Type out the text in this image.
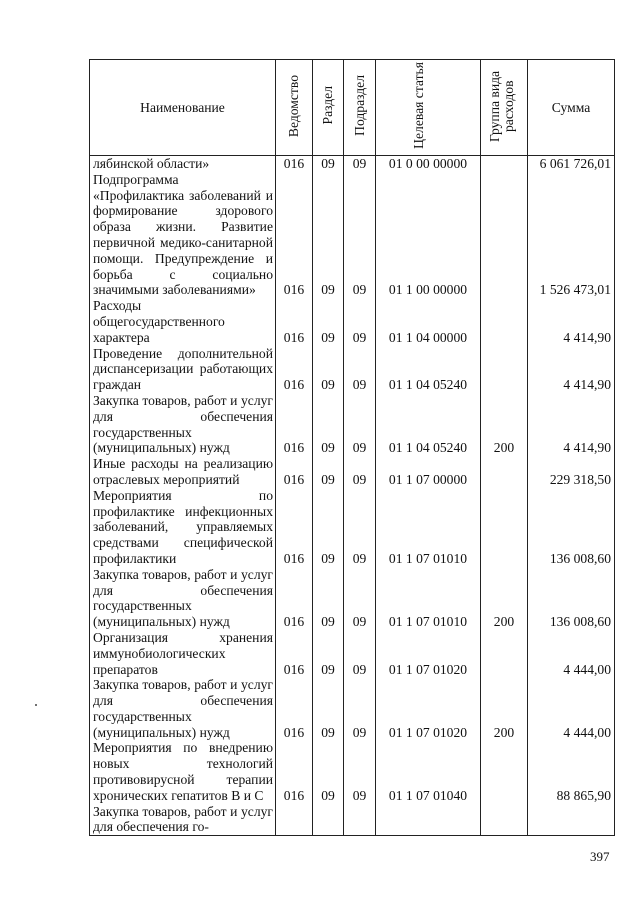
Наименование	Ведомство	Раздел	Подраздел	Целевая статья	Группа вида расходов	Сумма
лябинской области»	016	09	09	01 0 00 00000		6 061 726,01
Подпрограмма «Профилактика заболеваний и формирование здорового образа жизни. Развитие первичной медико-санитарной помощи. Предупреждение и борьба с социально значимыми заболеваниями»	016	09	09	01 1 00 00000		1 526 473,01
Расходы общегосударственного характера	016	09	09	01 1 04 00000		4 414,90
Проведение дополнительной диспансеризации работающих граждан	016	09	09	01 1 04 05240		4 414,90
Закупка товаров, работ и услуг для обеспечения государственных (муниципальных) нужд	016	09	09	01 1 04 05240	200	4 414,90
Иные расходы на реализацию отраслевых мероприятий	016	09	09	01 1 07 00000		229 318,50
Мероприятия по профилактике инфекционных заболеваний, управляемых средствами специфической профилактики	016	09	09	01 1 07 01010		136 008,60
Закупка товаров, работ и услуг для обеспечения государственных (муниципальных) нужд	016	09	09	01 1 07 01010	200	136 008,60
Организация хранения иммунобиологических препаратов	016	09	09	01 1 07 01020		4 444,00
Закупка товаров, работ и услуг для обеспечения государственных (муниципальных) нужд	016	09	09	01 1 07 01020	200	4 444,00
Мероприятия по внедрению новых технологий противовирусной терапии хронических гепатитов В и С	016	09	09	01 1 07 01040		88 865,90
Закупка товаров, работ и услуг для обеспечения го-						
397
